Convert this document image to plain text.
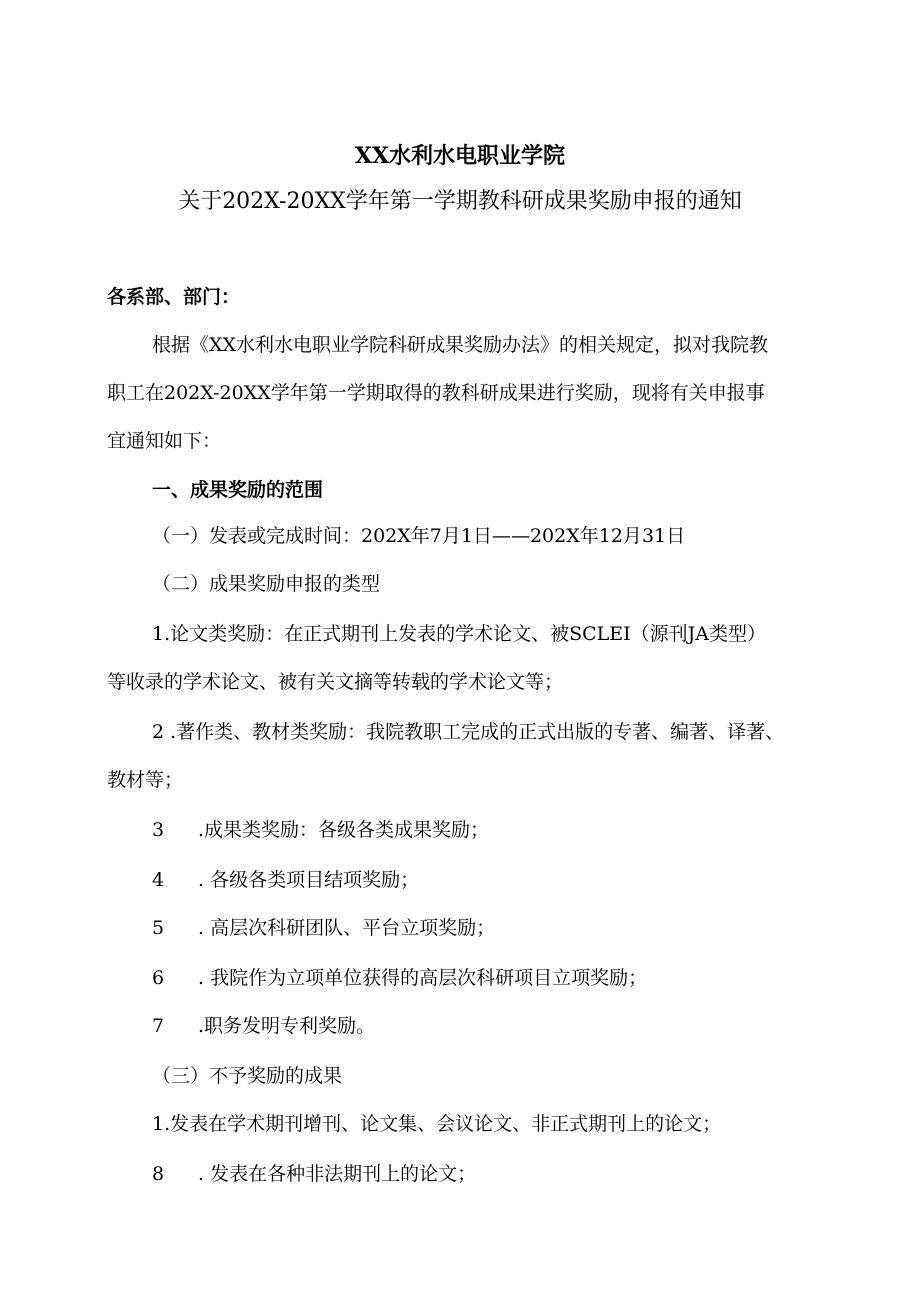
XX水利水电职业学院
关于202X-20XX学年第一学期教科研成果奖励申报的通知
各系部、部门：
根据《XX水利水电职业学院科研成果奖励办法》的相关规定，拟对我院教
职工在202X-20XX学年第一学期取得的教科研成果进行奖励，现将有关申报事
宜通知如下：
一、成果奖励的范围
（一）发表或完成时间：202X年7月1日——202X年12月31日
（二）成果奖励申报的类型
1.论文类奖励：在正式期刊上发表的学术论文、被SCLEI（源刊JA类型）
等收录的学术论文、被有关文摘等转载的学术论文等；
2 .著作类、教材类奖励：我院教职工完成的正式出版的专著、编著、译著、
教材等；
3 .成果类奖励：各级各类成果奖励；
4 . 各级各类项目结项奖励；
5 . 高层次科研团队、平台立项奖励；
6 . 我院作为立项单位获得的高层次科研项目立项奖励；
7 .职务发明专利奖励。
（三）不予奖励的成果
1.发表在学术期刊增刊、论文集、会议论文、非正式期刊上的论文；
8 . 发表在各种非法期刊上的论文；
